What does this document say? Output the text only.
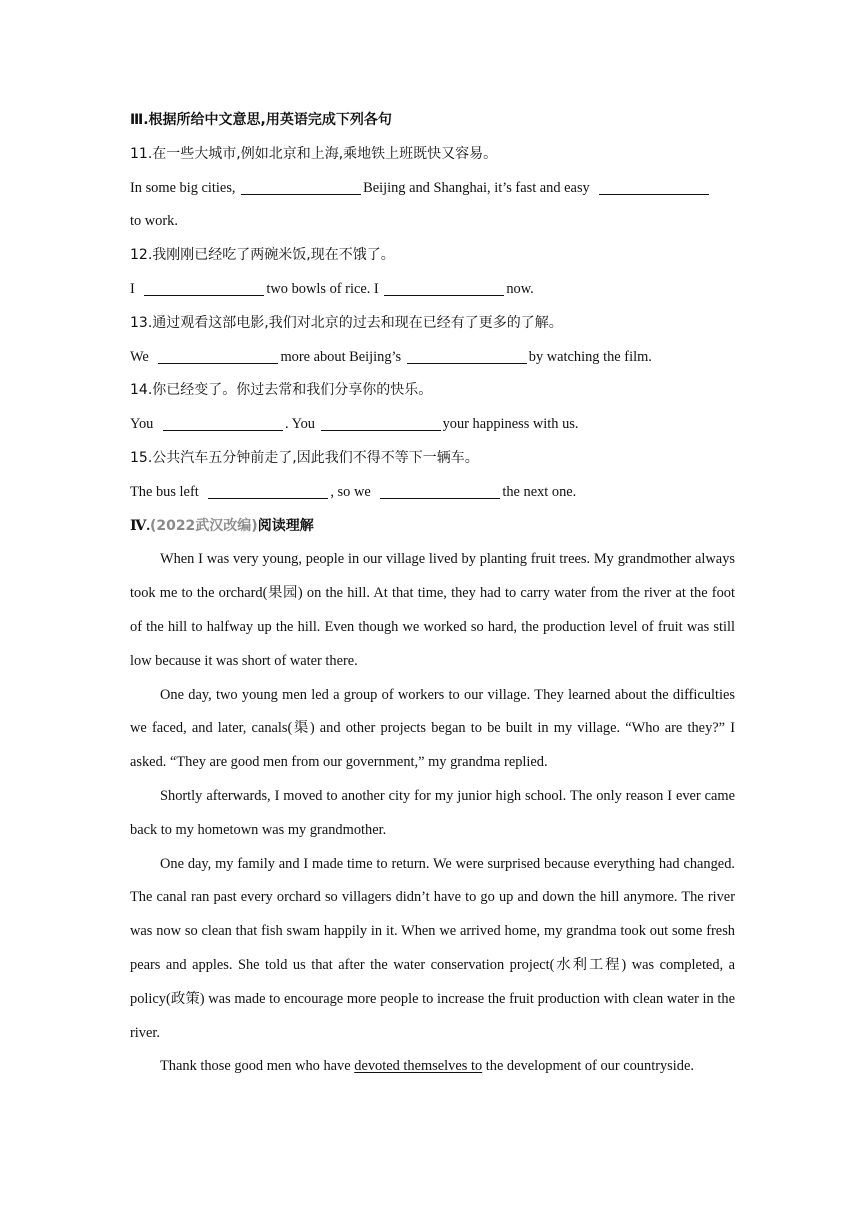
Ⅲ.根据所给中文意思,用英语完成下列各句
11.在一些大城市,例如北京和上海,乘地铁上班既快又容易。
In some big cities,	Beijing and Shanghai, it’s fast and easy
to work.
12.我刚刚已经吃了两碗米饭,现在不饿了。
I	two bowls of rice. I	now.
13.通过观看这部电影,我们对北京的过去和现在已经有了更多的了解。
We	more about Beijing’s	by watching the film.
14.你已经变了。你过去常和我们分享你的快乐。
You	. You	your happiness with us.
15.公共汽车五分钟前走了,因此我们不得不等下一辆车。
The bus left	, so we	the next one.
Ⅳ.(2022武汉改编)阅读理解
When I was very young, people in our village lived by planting fruit trees. My grandmother always took me to the orchard(果园) on the hill. At that time, they had to carry water from the river at the foot of the hill to halfway up the hill. Even though we worked so hard, the production level of fruit was still low because it was short of water there.
One day, two young men led a group of workers to our village. They learned about the difficulties we faced, and later, canals(渠) and other projects began to be built in my village. “Who are they?” I asked. “They are good men from our government,” my grandma replied.
Shortly afterwards, I moved to another city for my junior high school. The only reason I ever came back to my hometown was my grandmother.
One day, my family and I made time to return. We were surprised because everything had changed. The canal ran past every orchard so villagers didn’t have to go up and down the hill anymore. The river was now so clean that fish swam happily in it. When we arrived home, my grandma took out some fresh pears and apples. She told us that after the water conservation project(水利工程) was completed, a policy(政策) was made to encourage more people to increase the fruit production with clean water in the river.
Thank those good men who have devoted themselves to the development of our countryside.
